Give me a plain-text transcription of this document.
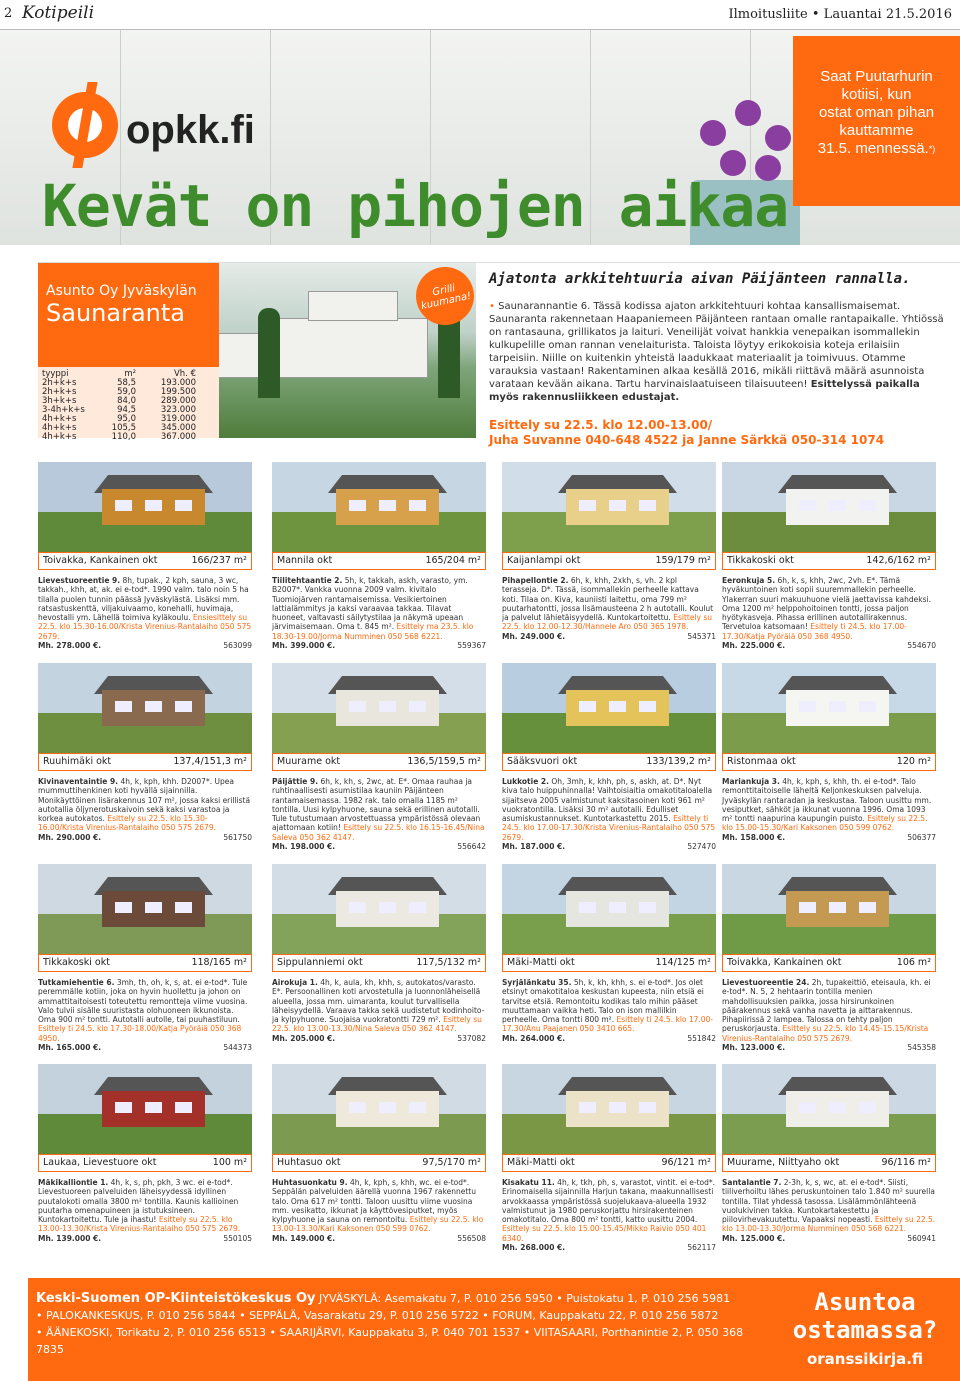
2 Kotipeili	Ilmoitusliite • Lauantai 21.5.2016
opkk.fi
Kevät on pihojen aikaa
Saat Puutarhurin
kotiisi, kun
ostat oman pihan
kauttamme
31.5. mennessä.*)
Asunto Oy Jyväskylän
Saunaranta
tyyppi	m²	Vh. €
2h+k+s	58,5	193.000
2h+k+s	59,0	199.500
3h+k+s	84,0	289.000
3-4h+k+s	94,5	323.000
4h+k+s	95,0	319.000
4h+k+s	105,5	345.000
4h+k+s	110,0	367.000
Grilli kuumana!
Ajatonta arkkitehtuuria aivan Päijänteen rannalla.
• Saunarannantie 6. Tässä kodissa ajaton arkkitehtuuri kohtaa kansallismaisemat. Saunaranta rakennetaan Haapaniemeen Päijänteen rantaan omalle rantapaikalle. Yhtiössä on rantasauna, grillikatos ja laituri. Veneilijät voivat hankkia venepaikan isommallekin kulkupelille oman rannan venelaiturista. Taloista löytyy erikokoisia koteja erilaisiin tarpeisiin. Niille on kuitenkin yhteistä laadukkaat materiaalit ja toimivuus. Otamme varauksia vastaan! Rakentaminen alkaa kesällä 2016, mikäli riittävä määrä asunnoista varataan kevään aikana. Tartu harvinaislaatuiseen tilaisuuteen! Esittelyssä paikalla myös rakennusliikkeen edustajat.
Esittely su 22.5. klo 12.00-13.00/
Juha Suvanne 040-648 4522 ja Janne Särkkä 050-314 1074
Toivakka, Kankainen okt	166/237 m²
Lievestuoreentie 9. 8h, tupak., 2 kph, sauna, 3 wc, takkah., khh, at, ak. ei e-tod*. 1990 valm. talo noin 5 ha tilalla puolen tunnin päässä Jyväskylästä. Lisäksi mm. ratsastuskenttä, viljakuivaamo, konehalli, huvimaja, hevostalli ym. Lähellä toimiva kyläkoulu. Ensiesittely su 22.5. klo 15.30-16.00/Krista Virenius-Rantalaiho 050 575 2679.
Mh. 278.000 €.	563099
Mannila okt	165/204 m²
Tiilitehtaantie 2. 5h, k, takkah, askh, varasto, ym. B2007*. Vankka vuonna 2009 valm. kivitalo Tuomiojärven rantamaisemissa. Vesikiertoinen lattialämmitys ja kaksi varaavaa takkaa. Tilavat huoneet, valtavasti säilytystilaa ja näkymä upeaan järvimaisemaan. Oma t. 845 m². Esittely ma 23.5. klo 18.30-19.00/Jorma Numminen 050 568 6221.
Mh. 399.000 €.	559367
Kaijanlampi okt	159/179 m²
Pihapellontie 2. 6h, k, khh, 2xkh, s, vh. 2 kpl terasseja. D*. Tässä, isommallekin perheelle kattava koti. Tilaa on. Kiva, kauniisti laitettu, oma 799 m² puutarhatontti, jossa lisämausteena 2 h autotalli. Koulut ja palvelut lähietäisyydellä. Kuntokartoitettu. Esittely su 22.5. klo 12.00-12.30/Hannele Aro 050 365 1978.
Mh. 249.000 €.	545371
Tikkakoski okt	142,6/162 m²
Eeronkuja 5. 6h, k, s, khh, 2wc, 2vh. E*. Tämä hyväkuntoinen koti sopii suuremmallekin perheelle. Ylakerran suuri makuuhuone vielä jaettavissa kahdeksi. Oma 1200 m² helppohoitoinen tontti, jossa paljon hyötykasveja. Pihassa erillinen autotallirakennus. Tervetuloa katsomaan! Esittely ti 24.5. klo 17.00-17.30/Katja Pyöräiä 050 368 4950.
Mh. 225.000 €.	554670
Ruuhimäki okt	137,4/151,3 m²
Kivinaventaintie 9. 4h, k, kph, khh. D2007*. Upea mummuttihenkinen koti hyvällä sijainnilla. Monikäyttöinen lisärakennus 107 m², jossa kaksi erillistä autotallia öljynerotuskaivoin sekä kaksi varastoa ja korkea autokatos. Esittely su 22.5. klo 15.30-16.00/Krista Virenius-Rantalaiho 050 575 2679.
Mh. 290.000 €.	561750
Muurame okt	136,5/159,5 m²
Päijättie 9. 6h, k, kh, s, 2wc, at. E*. Omaa rauhaa ja ruhtinaallisesti asumistilaa kauniin Päijänteen rantamaisemassa. 1982 rak. talo omalla 1185 m² tontilla. Uusi kylpyhuone, sauna sekä erillinen autotalli. Tule tutustumaan arvostettuassa ympäristössä olevaan ajattomaan kotiin! Esittely su 22.5. klo 16.15-16.45/Nina Saleva 050 362 4147.
Mh. 198.000 €.	556642
Sääksvuori okt	133/139,2 m²
Lukkotie 2. Oh, 3mh, k, khh, ph, s, askh, at. D*. Nyt kiva talo huippuhinnalla! Vaihtoisiaitia omakotitaloalella sijaitseva 2005 valmistunut kaksitasoinen koti 961 m² vuokratontilla. Lisäksi 30 m² autotalli. Edulliset asumiskustannukset. Kuntotarkastettu 2015. Esittely ti 24.5. klo 17.00-17.30/Krista Virenius-Rantalaiho 050 575 2679.
Mh. 187.000 €.	527470
Ristonmaa okt	120 m²
Mariankuja 3. 4h, k, kph, s, khh, th. ei e-tod*. Talo remonttitaitoiselle läheltä Keljonkeskuksen palveluja. Jyväskylän rantaradan ja keskustaa. Taloon uusittu mm. vesiputket, sähköt ja ikkunat vuonna 1996. Oma 1093 m² tontti naapurina kaupungin puisto. Esittely su 22.5. klo 15.00-15.30/Kari Kaksonen 050 599 0762.
Mh. 158.000 €.	506377
Tikkakoski okt	118/165 m²
Tutkamiehentie 6. 3mh, th, oh, k, s, at. ei e-tod*. Tule peremmälle kotiin, joka on hyvin huollettu ja johon on ammattitaitoisesti toteutettu remontteja viime vuosina. Valo tulvii sisälle suuristasta olohuoneen ikkunoista. Oma 900 m² tontti. Autotalli autolle, tai puuhastiluun. Esittely ti 24.5. klo 17.30-18.00/Katja Pyöräiä 050 368 4950.
Mh. 165.000 €.	544373
Sippulanniemi okt	117,5/132 m²
Airokuja 1. 4h, k, aula, kh, khh, s, autokatos/varasto. E*. Persoonallinen koti arvostetulla ja luonnonläheisellä alueella, jossa mm. uimaranta, koulut turvallisella läheisyydellä. Varaava takka sekä uudistetut kodinhoito- ja kylpyhuone. Suojaisa vuokratontti 729 m². Esittely su 22.5. klo 13.00-13.30/Nina Saleva 050 362 4147.
Mh. 205.000 €.	537082
Mäki-Matti okt	114/125 m²
Syrjälänkatu 35. 5h, k, kh, khh, s. ei e-tod*. Jos olet etsinyt omakotitaloa keskustan kupeesta, niin etsiä ei tarvitse etsiä. Remontoitu kodikas talo mihin pääset muuttamaan vaikka heti. Talo on ison mallilkin perheelle. Oma tontti 800 m². Esittely ti 24.5. klo 17.00-17.30/Anu Paajanen 050 3410 665.
Mh. 264.000 €.	551842
Toivakka, Kankainen okt	106 m²
Lievestuoreentie 24. 2h, tupakeittiö, eteisaula, kh. ei e-tod*. N. 5, 2 hehtaarin tontilla menien mahdollisuuksien paikka, jossa hirsirunkoinen päärakennus sekä vanha navetta ja aittarakennus. Pihapiirissä 2 lampea. Talossa on tehty paljon peruskorjausta. Esittely su 22.5. klo 14.45-15.15/Krista Virenius-Rantalaiho 050 575 2679.
Mh. 123.000 €.	545358
Laukaa, Lievestuore okt	100 m²
Mäkikalliontie 1. 4h, k, s, ph, pkh, 3 wc. ei e-tod*. Lievestuoreen palveluiden läheisyydessä idyllinen puutalokoti omalla 3800 m² tontilla. Kaunis kallioinen puutarha omenapuineen ja istutuksineen. Kuntokartoitettu. Tule ja ihastu! Esittely su 22.5. klo 13.00-13.30/Krista Virenius-Rantalaiho 050 575 2679.
Mh. 139.000 €.	550105
Huhtasuo okt	97,5/170 m²
Huhtasuonkatu 9. 4h, k, kph, s, khh, wc. ei e-tod*. Seppälän palveluiden äärellä vuonna 1967 rakennettu talo. Oma 617 m² tontti. Taloon uusittu viime vuosina mm. vesikatto, ikkunat ja käyttövesiputket, myös kylpyhuone ja sauna on remontoitu. Esittely su 22.5. klo 13.00-13.30/Kari Kaksonen 050 599 0762.
Mh. 149.000 €.	556508
Mäki-Matti okt	96/121 m²
Kisakatu 11. 4h, k, tkh, ph, s, varastot, vintit. ei e-tod*. Erinomaisella sijainnilla Harjun takana, maakunnallisesti arvokkaassa ympäristössä suojelukaava-alueella 1932 valmistunut ja 1980 peruskorjattu hirsirakenteinen omakotitalo. Oma 800 m² tontti, katto uusittu 2004. Esittely su 22.5. klo 15.00-15.45/Mikko Raivio 050 401 6340.
Mh. 268.000 €.	562117
Muurame, Niittyaho okt	96/116 m²
Santalantie 7. 2-3h, k, s, wc, at. ei e-tod*. Siisti, tiiliverhoiltu lähes peruskuntoinen talo 1.840 m² suurella tontilla. Tilat yhdessä tasossa. Lisälämmönlähteenä vuolukivinen takka. Kuntokartakestettu ja piilovirhevakuutettu. Vapaaksi nopeasti. Esittely su 22.5. klo 13.00-13.30/Jorma Numminen 050 568 6221.
Mh. 125.000 €.	560941
Keski-Suomen OP-Kiinteistökeskus Oy JYVÄSKYLÄ: Asemakatu 7, P. 010 256 5950 • Puistokatu 1, P. 010 256 5981
• PALOKANKESKUS, P. 010 256 5844 • SEPPÄLÄ, Vasarakatu 29, P. 010 256 5722 • FORUM, Kauppakatu 22, P. 010 256 5872
• ÄÄNEKOSKI, Torikatu 2, P. 010 256 6513 • SAARIJÄRVI, Kauppakatu 3, P. 040 701 1537 • VIITASAARI, Porthanintie 2, P. 050 368 7835
Asuntoa
ostamassa?
oranssikirja.fi
